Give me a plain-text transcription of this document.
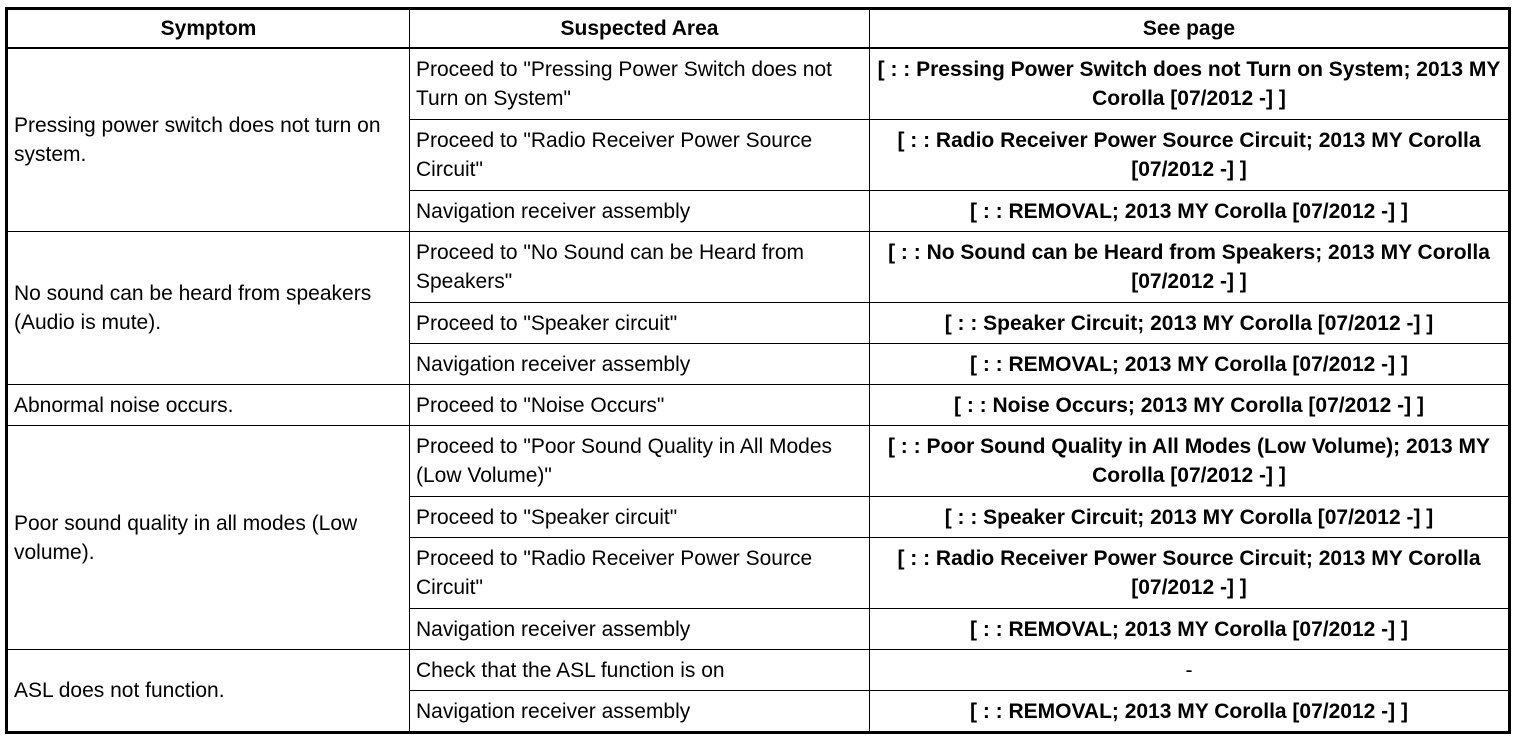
Symptom	Suspected Area	See page
Pressing power switch does not turn on system.	Proceed to "Pressing Power Switch does not Turn on System"	[ : : Pressing Power Switch does not Turn on System; 2013 MY Corolla [07/2012 -] ]
	Proceed to "Radio Receiver Power Source Circuit"	[ : : Radio Receiver Power Source Circuit; 2013 MY Corolla [07/2012 -] ]
	Navigation receiver assembly	[ : : REMOVAL; 2013 MY Corolla [07/2012 -] ]
No sound can be heard from speakers (Audio is mute).	Proceed to "No Sound can be Heard from Speakers"	[ : : No Sound can be Heard from Speakers; 2013 MY Corolla [07/2012 -] ]
	Proceed to "Speaker circuit"	[ : : Speaker Circuit; 2013 MY Corolla [07/2012 -] ]
	Navigation receiver assembly	[ : : REMOVAL; 2013 MY Corolla [07/2012 -] ]
Abnormal noise occurs.	Proceed to "Noise Occurs"	[ : : Noise Occurs; 2013 MY Corolla [07/2012 -] ]
Poor sound quality in all modes (Low volume).	Proceed to "Poor Sound Quality in All Modes (Low Volume)"	[ : : Poor Sound Quality in All Modes (Low Volume); 2013 MY Corolla [07/2012 -] ]
	Proceed to "Speaker circuit"	[ : : Speaker Circuit; 2013 MY Corolla [07/2012 -] ]
	Proceed to "Radio Receiver Power Source Circuit"	[ : : Radio Receiver Power Source Circuit; 2013 MY Corolla [07/2012 -] ]
	Navigation receiver assembly	[ : : REMOVAL; 2013 MY Corolla [07/2012 -] ]
ASL does not function.	Check that the ASL function is on	-
	Navigation receiver assembly	[ : : REMOVAL; 2013 MY Corolla [07/2012 -] ]
